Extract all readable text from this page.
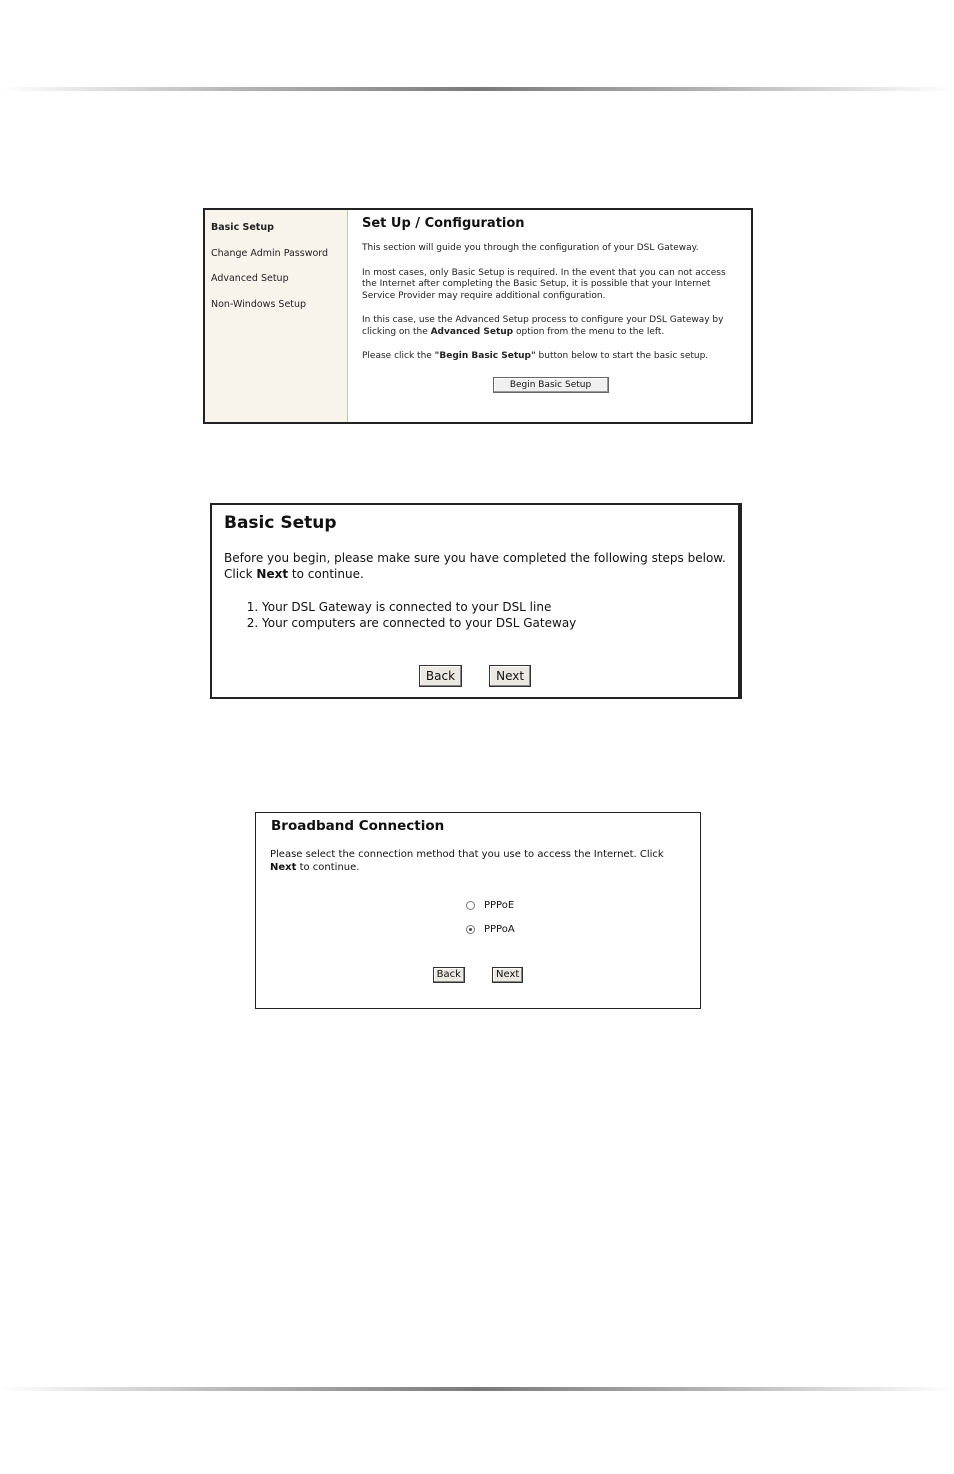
Basic Setup
Change Admin Password
Advanced Setup
Non-Windows Setup
Set Up / Configuration

This section will guide you through the configuration of your DSL Gateway.

In most cases, only Basic Setup is required. In the event that you can not access the Internet after completing the Basic Setup, it is possible that your Internet Service Provider may require additional configuration.

In this case, use the Advanced Setup process to configure your DSL Gateway by clicking on the Advanced Setup option from the menu to the left.

Please click the "Begin Basic Setup" button below to start the basic setup.

Begin Basic Setup
Basic Setup

Before you begin, please make sure you have completed the following steps below. Click Next to continue.

1. Your DSL Gateway is connected to your DSL line
2. Your computers are connected to your DSL Gateway
Back	Next
Broadband Connection

Please select the connection method that you use to access the Internet. Click Next to continue.

PPPoE
PPPoA
Back	Next
